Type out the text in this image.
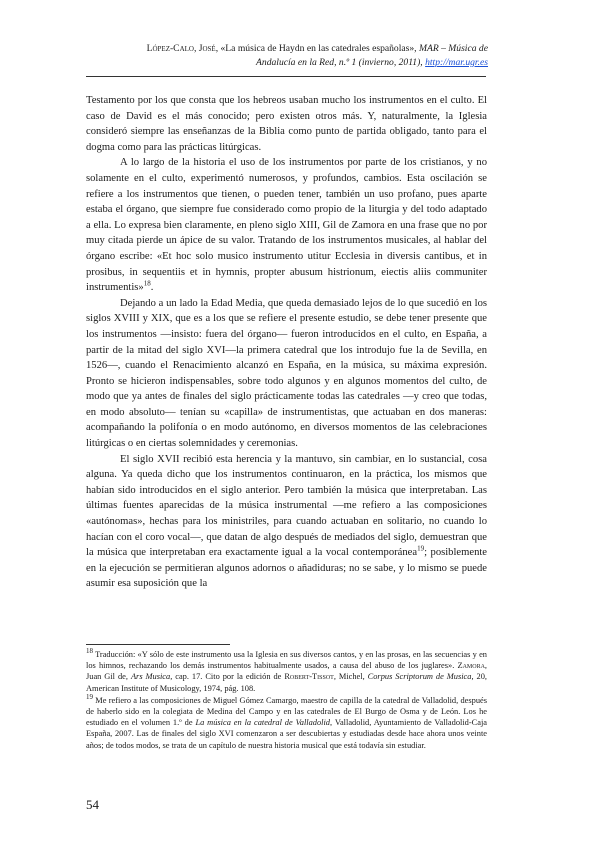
López-Calo, José, «La música de Haydn en las catedrales españolas», MAR – Música de Andalucía en la Red, n.º 1 (invierno, 2011), http://mar.ugr.es

Testamento por los que consta que los hebreos usaban mucho los instrumentos en el culto. El caso de David es el más conocido; pero existen otros más. Y, naturalmente, la Iglesia consideró siempre las enseñanzas de la Biblia como punto de partida obligado, tanto para el dogma como para las prácticas litúrgicas.

A lo largo de la historia el uso de los instrumentos por parte de los cristianos, y no solamente en el culto, experimentó numerosos, y profundos, cambios. Esta oscilación se refiere a los instrumentos que tienen, o pueden tener, también un uso profano, pues aparte estaba el órgano, que siempre fue considerado como propio de la liturgia y del todo adaptado a ella. Lo expresa bien claramente, en pleno siglo XIII, Gil de Zamora en una frase que no por muy citada pierde un ápice de su valor. Tratando de los instrumentos musicales, al hablar del órgano escribe: «Et hoc solo musico instrumento utitur Ecclesia in diversis cantibus, et in prosibus, in sequentiis et in hymnis, propter abusum histrionum, eiectis aliis communiter instrumentis»$^{18}$.

Dejando a un lado la Edad Media, que queda demasiado lejos de lo que sucedió en los siglos XVIII y XIX, que es a los que se refiere el presente estudio, se debe tener presente que los instrumentos —insisto: fuera del órgano— fueron introducidos en el culto, en España, a partir de la mitad del siglo XVI—la primera catedral que los introdujo fue la de Sevilla, en 1526—, cuando el Renacimiento alcanzó en España, en la música, su máxima expresión. Pronto se hicieron indispensables, sobre todo algunos y en algunos momentos del culto, de modo que ya antes de finales del siglo prácticamente todas las catedrales —y creo que todas, en modo absoluto— tenían su «capilla» de instrumentistas, que actuaban en dos maneras: acompañando la polifonía o en modo autónomo, en diversos momentos de las celebraciones litúrgicas o en ciertas solemnidades y ceremonias.

El siglo XVII recibió esta herencia y la mantuvo, sin cambiar, en lo sustancial, cosa alguna. Ya queda dicho que los instrumentos continuaron, en la práctica, los mismos que habían sido introducidos en el siglo anterior. Pero también la música que interpretaban. Las últimas fuentes aparecidas de la música instrumental —me refiero a las composiciones «autónomas», hechas para los ministriles, para cuando actuaban en solitario, no cuando lo hacían con el coro vocal—, que datan de algo después de mediados del siglo, demuestran que la música que interpretaban era exactamente igual a la vocal contemporánea$^{19}$; posiblemente en la ejecución se permitieran algunos adornos o añadiduras; no se sabe, y lo mismo se puede asumir esa suposición que la

$^{18}$ Traducción: «Y sólo de este instrumento usa la Iglesia en sus diversos cantos, y en las prosas, en las secuencias y en los himnos, rechazando los demás instrumentos habitualmente usados, a causa del abuso de los juglares». Zamora, Juan Gil de, Ars Musica, cap. 17. Cito por la edición de Robert-Tissot, Michel, Corpus Scriptorum de Musica, 20, American Institute of Musicology, 1974, pág. 108.

$^{19}$ Me refiero a las composiciones de Miguel Gómez Camargo, maestro de capilla de la catedral de Valladolid, después de haberlo sido en la colegiata de Medina del Campo y en las catedrales de El Burgo de Osma y de León. Los he estudiado en el volumen 1.º de La música en la catedral de Valladolid, Valladolid, Ayuntamiento de Valladolid-Caja España, 2007. Las de finales del siglo XVI comenzaron a ser descubiertas y estudiadas desde hace ahora unos veinte años; de todos modos, se trata de un capítulo de nuestra historia musical que está todavía sin estudiar.

54
